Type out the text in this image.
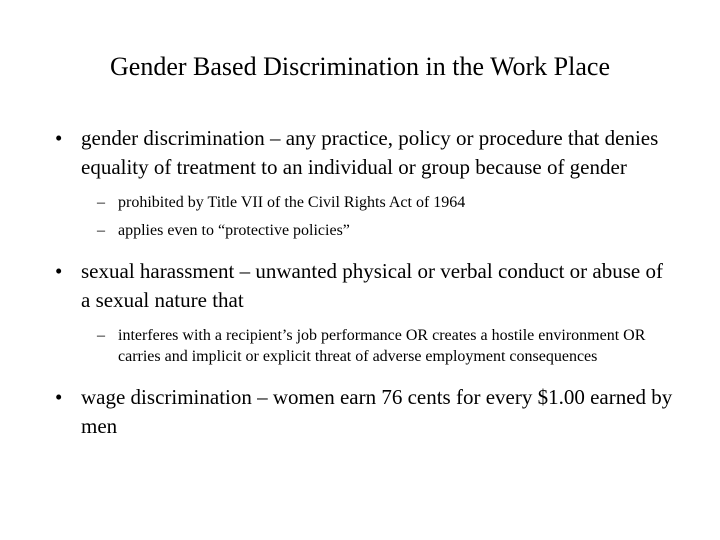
Gender Based Discrimination in the Work Place
• gender discrimination – any practice, policy or procedure that denies equality of treatment to an individual or group because of gender
– prohibited by Title VII of the Civil Rights Act of 1964
– applies even to “protective policies”
• sexual harassment – unwanted physical or verbal conduct or abuse of a sexual nature that
– interferes with a recipient’s job performance OR creates a hostile environment OR carries and implicit or explicit threat of adverse employment consequences
• wage discrimination – women earn 76 cents for every $1.00 earned by men
